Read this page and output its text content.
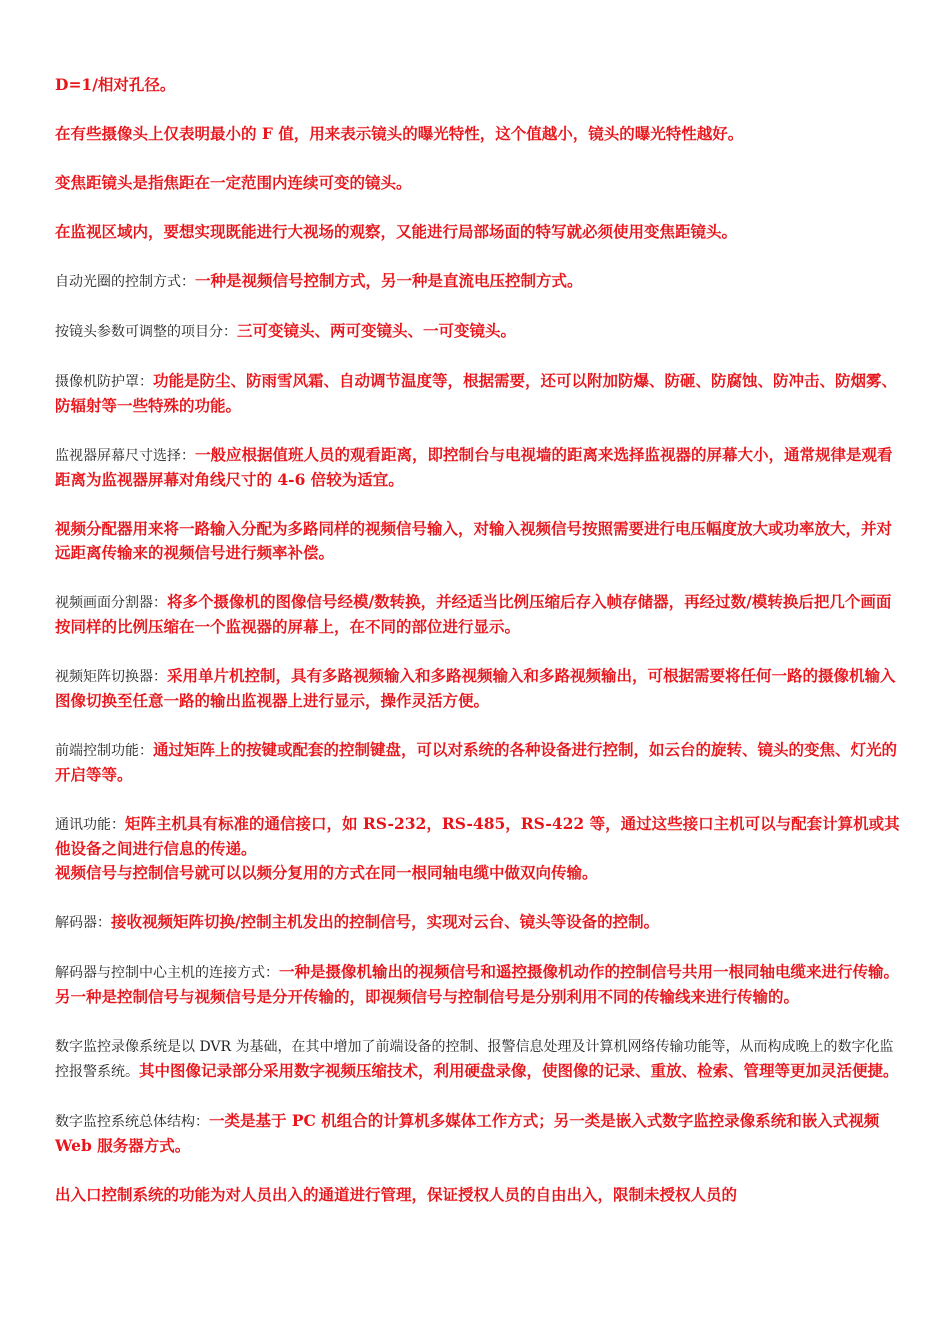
D=1/相对孔径。

在有些摄像头上仅表明最小的 F 值，用来表示镜头的曝光特性，这个值越小，镜头的曝光特性越好。

变焦距镜头是指焦距在一定范围内连续可变的镜头。

在监视区域内，要想实现既能进行大视场的观察，又能进行局部场面的特写就必须使用变焦距镜头。

自动光圈的控制方式：一种是视频信号控制方式，另一种是直流电压控制方式。

按镜头参数可调整的项目分：三可变镜头、两可变镜头、一可变镜头。

摄像机防护罩：功能是防尘、防雨雪风霜、自动调节温度等，根据需要，还可以附加防爆、防砸、防腐蚀、防冲击、防烟雾、防辐射等一些特殊的功能。

监视器屏幕尺寸选择：一般应根据值班人员的观看距离，即控制台与电视墙的距离来选择监视器的屏幕大小，通常规律是观看距离为监视器屏幕对角线尺寸的 4-6 倍较为适宜。

视频分配器用来将一路输入分配为多路同样的视频信号输入，对输入视频信号按照需要进行电压幅度放大或功率放大，并对远距离传输来的视频信号进行频率补偿。

视频画面分割器：将多个摄像机的图像信号经模/数转换，并经适当比例压缩后存入帧存储器，再经过数/模转换后把几个画面按同样的比例压缩在一个监视器的屏幕上，在不同的部位进行显示。

视频矩阵切换器：采用单片机控制，具有多路视频输入和多路视频输入和多路视频输出，可根据需要将任何一路的摄像机输入图像切换至任意一路的输出监视器上进行显示，操作灵活方便。

前端控制功能：通过矩阵上的按键或配套的控制键盘，可以对系统的各种设备进行控制，如云台的旋转、镜头的变焦、灯光的开启等等。

通讯功能：矩阵主机具有标准的通信接口，如 RS-232，RS-485，RS-422 等，通过这些接口主机可以与配套计算机或其他设备之间进行信息的传递。
视频信号与控制信号就可以以频分复用的方式在同一根同轴电缆中做双向传输。

解码器：接收视频矩阵切换/控制主机发出的控制信号，实现对云台、镜头等设备的控制。

解码器与控制中心主机的连接方式：一种是摄像机输出的视频信号和遥控摄像机动作的控制信号共用一根同轴电缆来进行传输。另一种是控制信号与视频信号是分开传输的，即视频信号与控制信号是分别利用不同的传输线来进行传输的。

数字监控录像系统是以 DVR 为基础，在其中增加了前端设备的控制、报警信息处理及计算机网络传输功能等，从而构成晚上的数字化监控报警系统。其中图像记录部分采用数字视频压缩技术，利用硬盘录像，使图像的记录、重放、检索、管理等更加灵活便捷。

数字监控系统总体结构：一类是基于 PC 机组合的计算机多媒体工作方式；另一类是嵌入式数字监控录像系统和嵌入式视频 Web 服务器方式。

出入口控制系统的功能为对人员出入的通道进行管理，保证授权人员的自由出入，限制未授权人员的
